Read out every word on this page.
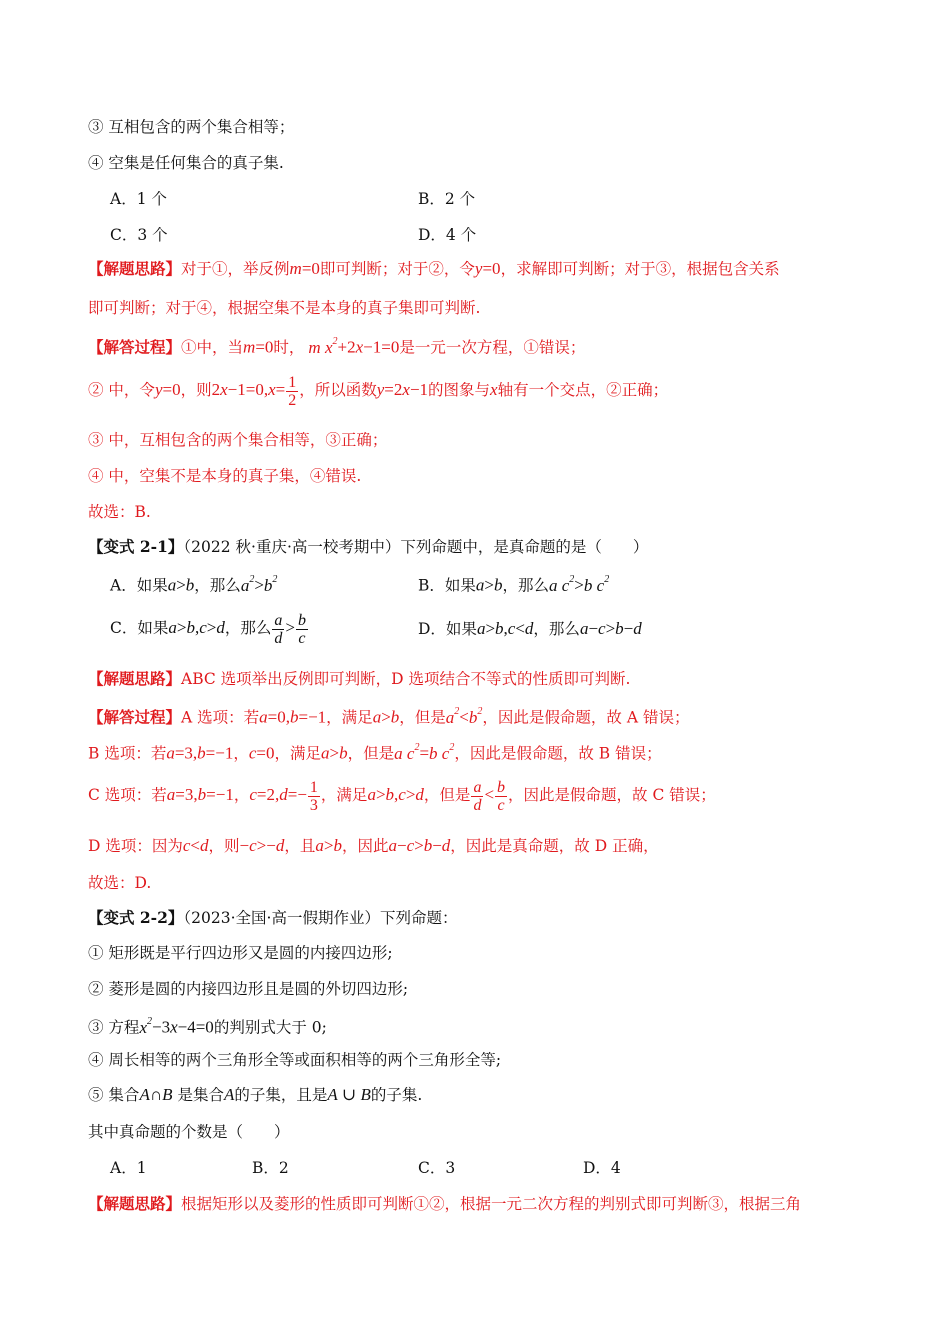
③ 互相包含的两个集合相等；
④ 空集是任何集合的真子集.
A．1 个	B．2 个
C．3 个	D．4 个
【解题思路】对于①，举反例m=0即可判断；对于②，令y=0，求解即可判断；对于③，根据包含关系
即可判断；对于④，根据空集不是本身的真子集即可判断.
【解答过程】①中，当m=0时， m $x^2+2x-1=0$是一元一次方程，①错误；
② 中，令y=0，则$2x-1=0,x= \frac{1}{2}$ ，所以函数y=2x−1的图象与x轴有一个交点，②正确；
③ 中，互相包含的两个集合相等，③正确；
④ 中，空集不是本身的真子集，④错误.
故选：B.
【变式 2-1】（2022 秋·重庆·高一校考期中）下列命题中，是真命题的是（　　）
A．如果a>b，那么$a^2>b^2$	B．如果a>b，那么a $c^2>b$ $c^2$
C．如果a>b,c>d，那么 $\frac{a}{d} > \frac{b}{c}$	D．如果a>b,c<d，那么a−c>b−d
【解题思路】ABC 选项举出反例即可判断，D 选项结合不等式的性质即可判断.
【解答过程】A 选项：若a=0,b=−1，满足a>b，但是$a^2<b^2$，因此是假命题，故 A 错误；
B 选项：若a=3,b=−1，c=0，满足a>b，但是a $c^2=b$ $c^2$，因此是假命题，故 B 错误；
C 选项：若a=3,b=−1，$c=2,d=- \frac{1}{3}$ ，满足a>b,c>d，但是 $\frac{a}{d} < \frac{b}{c}$ ，因此是假命题，故 C 错误；
D 选项：因为c<d，则−c>−d，且a>b，因此a−c>b−d，因此是真命题，故 D 正确，
故选：D.
【变式 2-2】（2023·全国·高一假期作业）下列命题：
① 矩形既是平行四边形又是圆的内接四边形;
② 菱形是圆的内接四边形且是圆的外切四边形;
③ 方程$x^2-3x-4=0$的判别式大于 0;
④ 周长相等的两个三角形全等或面积相等的两个三角形全等;
⑤ 集合A∩B 是集合A的子集，且是A ∪ B的子集.
其中真命题的个数是（　　）
A．1	B．2	C．3	D．4
【解题思路】根据矩形以及菱形的性质即可判断①②，根据一元二次方程的判别式即可判断③，根据三角
